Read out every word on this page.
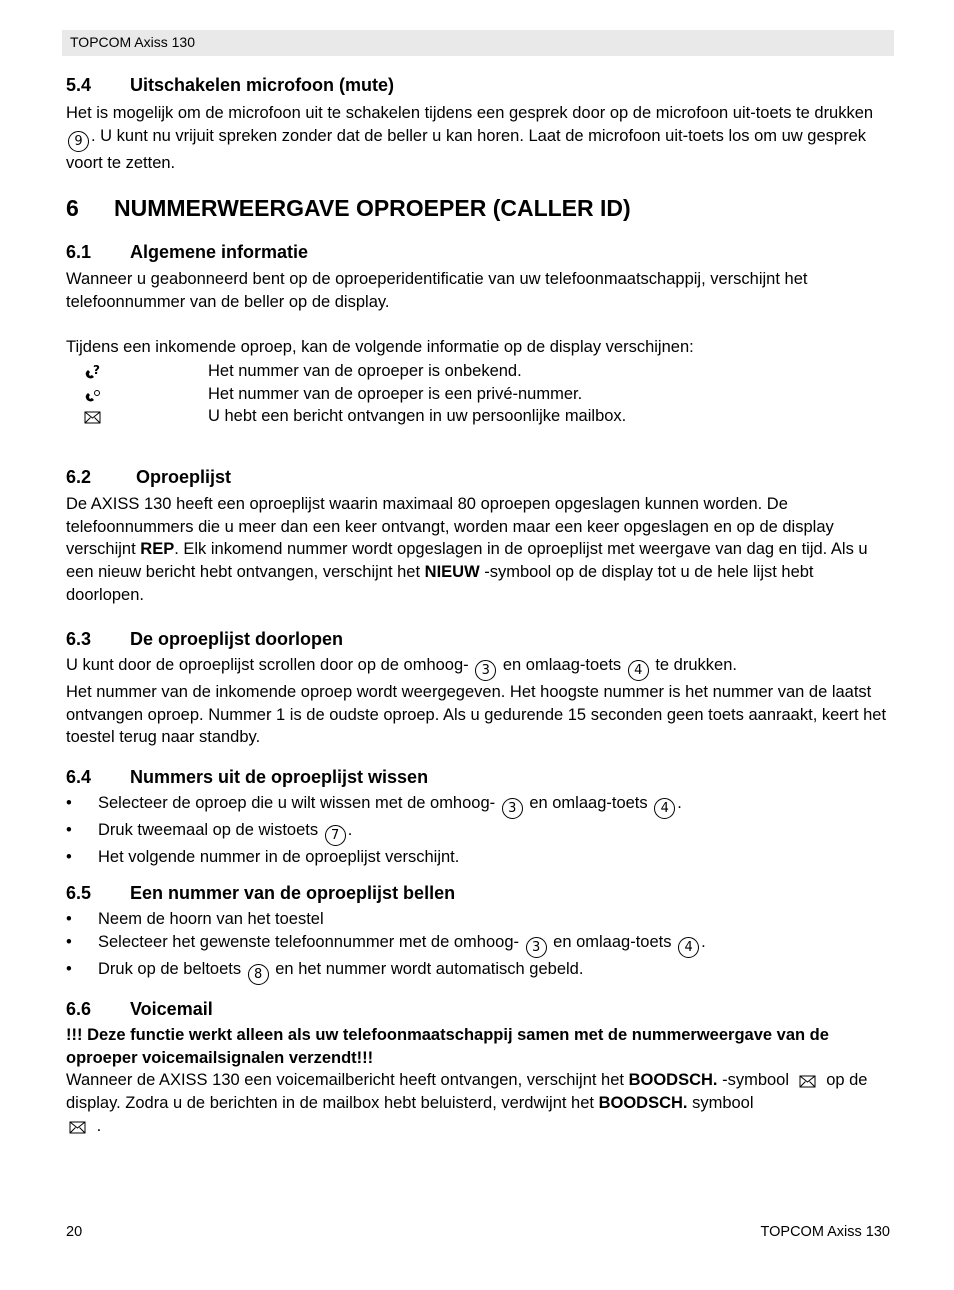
TOPCOM Axiss 130
5.4 Uitschakelen microfoon (mute)

Het is mogelijk om de microfoon uit te schakelen tijdens een gesprek door op de microfoon uit-toets te drukken 9 . U kunt nu vrijuit spreken zonder dat de beller u kan horen. Laat de microfoon uit-toets los om uw gesprek voort te zetten.

6 NUMMERWEERGAVE OPROEPER (CALLER ID)
6.1 Algemene informatie

Wanneer u geabonneerd bent op de oproeperidentificatie van uw telefoonmaatschappij, verschijnt het telefoonnummer van de beller op de display.

Tijdens een inkomende oproep, kan de volgende informatie op de display verschijnen:

?	Het nummer van de oproeper is onbekend.
Het nummer van de oproeper is een privé-nummer.
U hebt een bericht ontvangen in uw persoonlijke mailbox.
6.2 Oproeplijst

De AXISS 130 heeft een oproeplijst waarin maximaal 80 oproepen opgeslagen kunnen worden. De telefoonnummers die u meer dan een keer ontvangt, worden maar een keer opgeslagen en op de display verschijnt REP. Elk inkomend nummer wordt opgeslagen in de oproeplijst met weergave van dag en tijd. Als u een nieuw bericht hebt ontvangen, verschijnt het NIEUW -symbool op de display tot u de hele lijst hebt doorlopen.

6.3 De oproeplijst doorlopen

U kunt door de oproeplijst scrollen door op de omhoog- 3 en omlaag-toets 4 te drukken.

Het nummer van de inkomende oproep wordt weergegeven. Het hoogste nummer is het nummer van de laatst ontvangen oproep. Nummer 1 is de oudste oproep. Als u gedurende 15 seconden geen toets aanraakt, keert het toestel terug naar standby.

6.4 Nummers uit de oproeplijst wissen
• Selecteer de oproep die u wilt wissen met de omhoog- 3 en omlaag-toets 4 .
• Druk tweemaal op de wistoets 7 .
• Het volgende nummer in de oproeplijst verschijnt.
6.5 Een nummer van de oproeplijst bellen
• Neem de hoorn van het toestel
• Selecteer het gewenste telefoonnummer met de omhoog- 3 en omlaag-toets 4 .
• Druk op de beltoets 8 en het nummer wordt automatisch gebeld.
6.6 Voicemail

!!! Deze functie werkt alleen als uw telefoonmaatschappij samen met de nummerweergave van de oproeper voicemailsignalen verzendt!!!

Wanneer de AXISS 130 een voicemailbericht heeft ontvangen, verschijnt het BOODSCH. -symbool  op de display. Zodra u de berichten in de mailbox hebt beluisterd, verdwijnt het BOODSCH. symbool
.

20	TOPCOM Axiss 130
